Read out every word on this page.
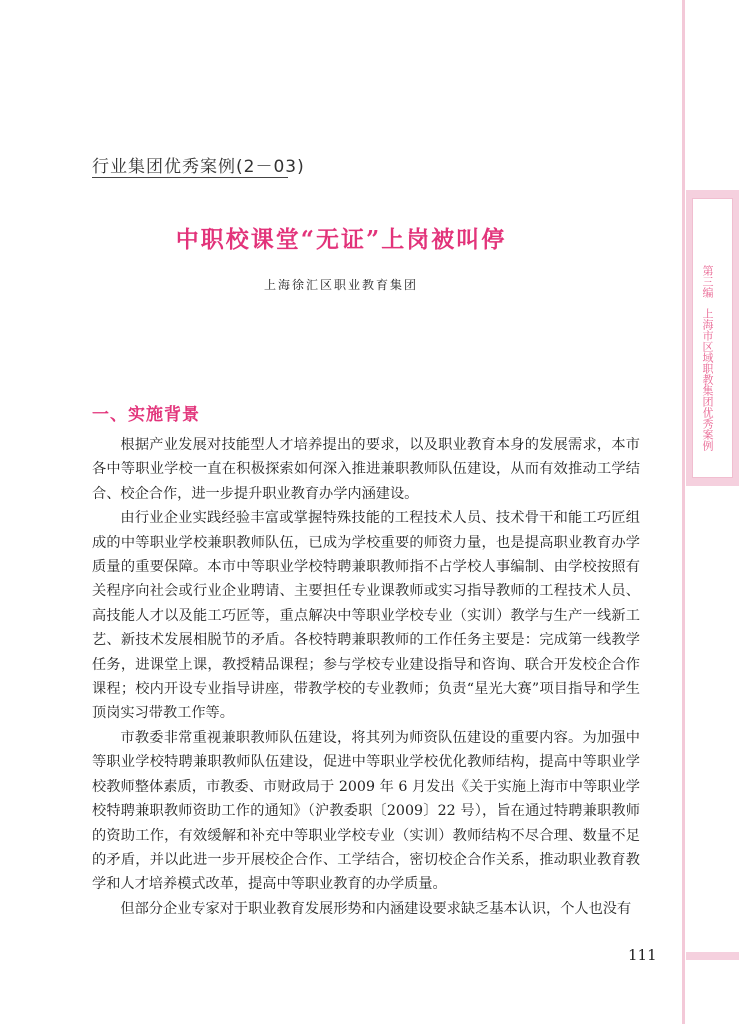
第三编上海市区域职教集团优秀案例
行业集团优秀案例(2－03)
中职校课堂“无证”上岗被叫停
上海徐汇区职业教育集团
一、实施背景

根据产业发展对技能型人才培养提出的要求，以及职业教育本身的发展需求，本市各中等职业学校一直在积极探索如何深入推进兼职教师队伍建设，从而有效推动工学结合、校企合作，进一步提升职业教育办学内涵建设。

由行业企业实践经验丰富或掌握特殊技能的工程技术人员、技术骨干和能工巧匠组成的中等职业学校兼职教师队伍，已成为学校重要的师资力量，也是提高职业教育办学质量的重要保障。本市中等职业学校特聘兼职教师指不占学校人事编制、由学校按照有关程序向社会或行业企业聘请、主要担任专业课教师或实习指导教师的工程技术人员、高技能人才以及能工巧匠等，重点解决中等职业学校专业（实训）教学与生产一线新工艺、新技术发展相脱节的矛盾。各校特聘兼职教师的工作任务主要是：完成第一线教学任务，进课堂上课，教授精品课程；参与学校专业建设指导和咨询、联合开发校企合作课程；校内开设专业指导讲座，带教学校的专业教师；负责“星光大赛”项目指导和学生顶岗实习带教工作等。

市教委非常重视兼职教师队伍建设，将其列为师资队伍建设的重要内容。为加强中等职业学校特聘兼职教师队伍建设，促进中等职业学校优化教师结构，提高中等职业学校教师整体素质，市教委、市财政局于 2009 年 6 月发出《关于实施上海市中等职业学校特聘兼职教师资助工作的通知》（沪教委职〔2009〕22 号），旨在通过特聘兼职教师的资助工作，有效缓解和补充中等职业学校专业（实训）教师结构不尽合理、数量不足的矛盾，并以此进一步开展校企合作、工学结合，密切校企合作关系，推动职业教育教学和人才培养模式改革，提高中等职业教育的办学质量。

但部分企业专家对于职业教育发展形势和内涵建设要求缺乏基本认识，个人也没有

111
